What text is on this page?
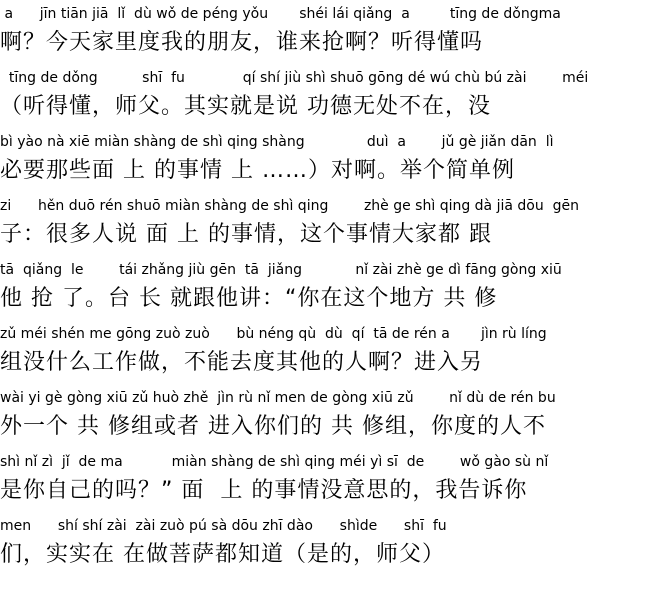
a      jīn tiān jiā  lǐ  dù wǒ de péng yǒu       shéi lái qiǎng  a         tīng de dǒngma
啊？今天家里度我的朋友，谁来抢啊？听得懂吗
tīng de dǒng          shī  fu             qí shí jiù shì shuō gōng dé wú chù bú zài        méi
（听得懂，师父。其实就是说 功德无处不在，没
bì yào nà xiē miàn shàng de shì qing shàng              duì  a        jǔ gè jiǎn dān  lì
必要那些面 上 的事情 上 ……）对啊。举个简单例
zi      hěn duō rén shuō miàn shàng de shì qing        zhè ge shì qing dà jiā dōu  gēn
子：很多人说 面 上 的事情，这个事情大家都 跟
tā  qiǎng  le        tái zhǎng jiù gēn  tā  jiǎng            nǐ zài zhè ge dì fāng gòng xiū
他 抢 了。台 长 就跟他讲：“你在这个地方 共 修
zǔ méi shén me gōng zuò zuò      bù néng qù  dù  qí  tā de rén a       jìn rù líng
组没什么工作做，不能去度其他的人啊？进入另
wài yi gè gòng xiū zǔ huò zhě  jìn rù nǐ men de gòng xiū zǔ        nǐ dù de rén bu
外一个 共 修组或者 进入你们的 共 修组，你度的人不
shì nǐ zì  jǐ  de ma           miàn shàng de shì qing méi yì sī  de        wǒ gào sù nǐ
是你自己的吗？” 面  上 的事情没意思的，我告诉你
men      shí shí zài  zài zuò pú sà dōu zhī dào      shìde      shī  fu
们，实实在 在做菩萨都知道（是的，师父）
